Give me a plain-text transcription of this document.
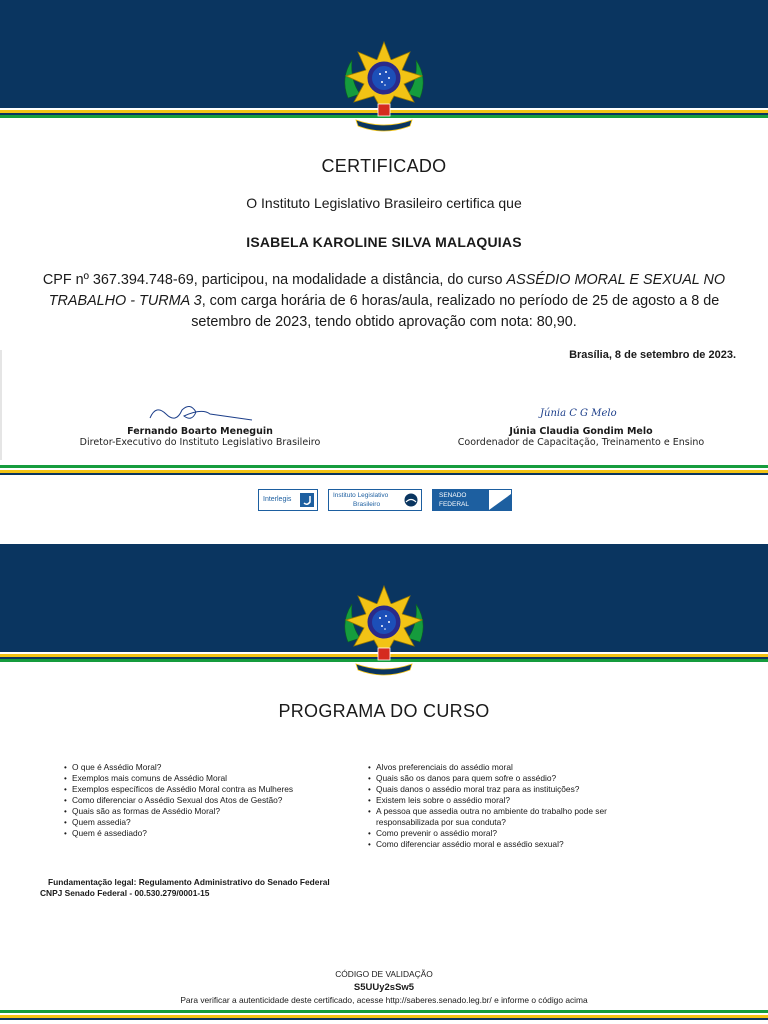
CERTIFICADO
O Instituto Legislativo Brasileiro certifica que
ISABELA KAROLINE SILVA MALAQUIAS
CPF nº 367.394.748-69, participou, na modalidade a distância, do curso ASSÉDIO MORAL E SEXUAL NO TRABALHO - TURMA 3, com carga horária de 6 horas/aula, realizado no período de 25 de agosto a 8 de setembro de 2023, tendo obtido aprovação com nota: 80,90.
Brasília, 8 de setembro de 2023.
Fernando Boarto Meneguin
Diretor-Executivo do Instituto Legislativo Brasileiro
Júnia C G Melo
Júnia Claudia Gondim Melo
Coordenador de Capacitação, Treinamento e Ensino
Interlegis
Instituto Legislativo
Brasileiro
SENADO
FEDERAL
PROGRAMA DO CURSO
• O que é Assédio Moral?
• Exemplos mais comuns de Assédio Moral
• Exemplos específicos de Assédio Moral contra as Mulheres
• Como diferenciar o Assédio Sexual dos Atos de Gestão?
• Quais são as formas de Assédio Moral?
• Quem assedia?
• Quem é assediado?
• Alvos preferenciais do assédio moral
• Quais são os danos para quem sofre o assédio?
• Quais danos o assédio moral traz para as instituições?
• Existem leis sobre o assédio moral?
• A pessoa que assedia outra no ambiente do trabalho pode ser responsabilizada por sua conduta?
• Como prevenir o assédio moral?
• Como diferenciar assédio moral e assédio sexual?
Fundamentação legal: Regulamento Administrativo do Senado Federal
CNPJ Senado Federal - 00.530.279/0001-15
CÓDIGO DE VALIDAÇÃO
S5UUy2sSw5
Para verificar a autenticidade deste certificado, acesse http://saberes.senado.leg.br/ e informe o código acima
